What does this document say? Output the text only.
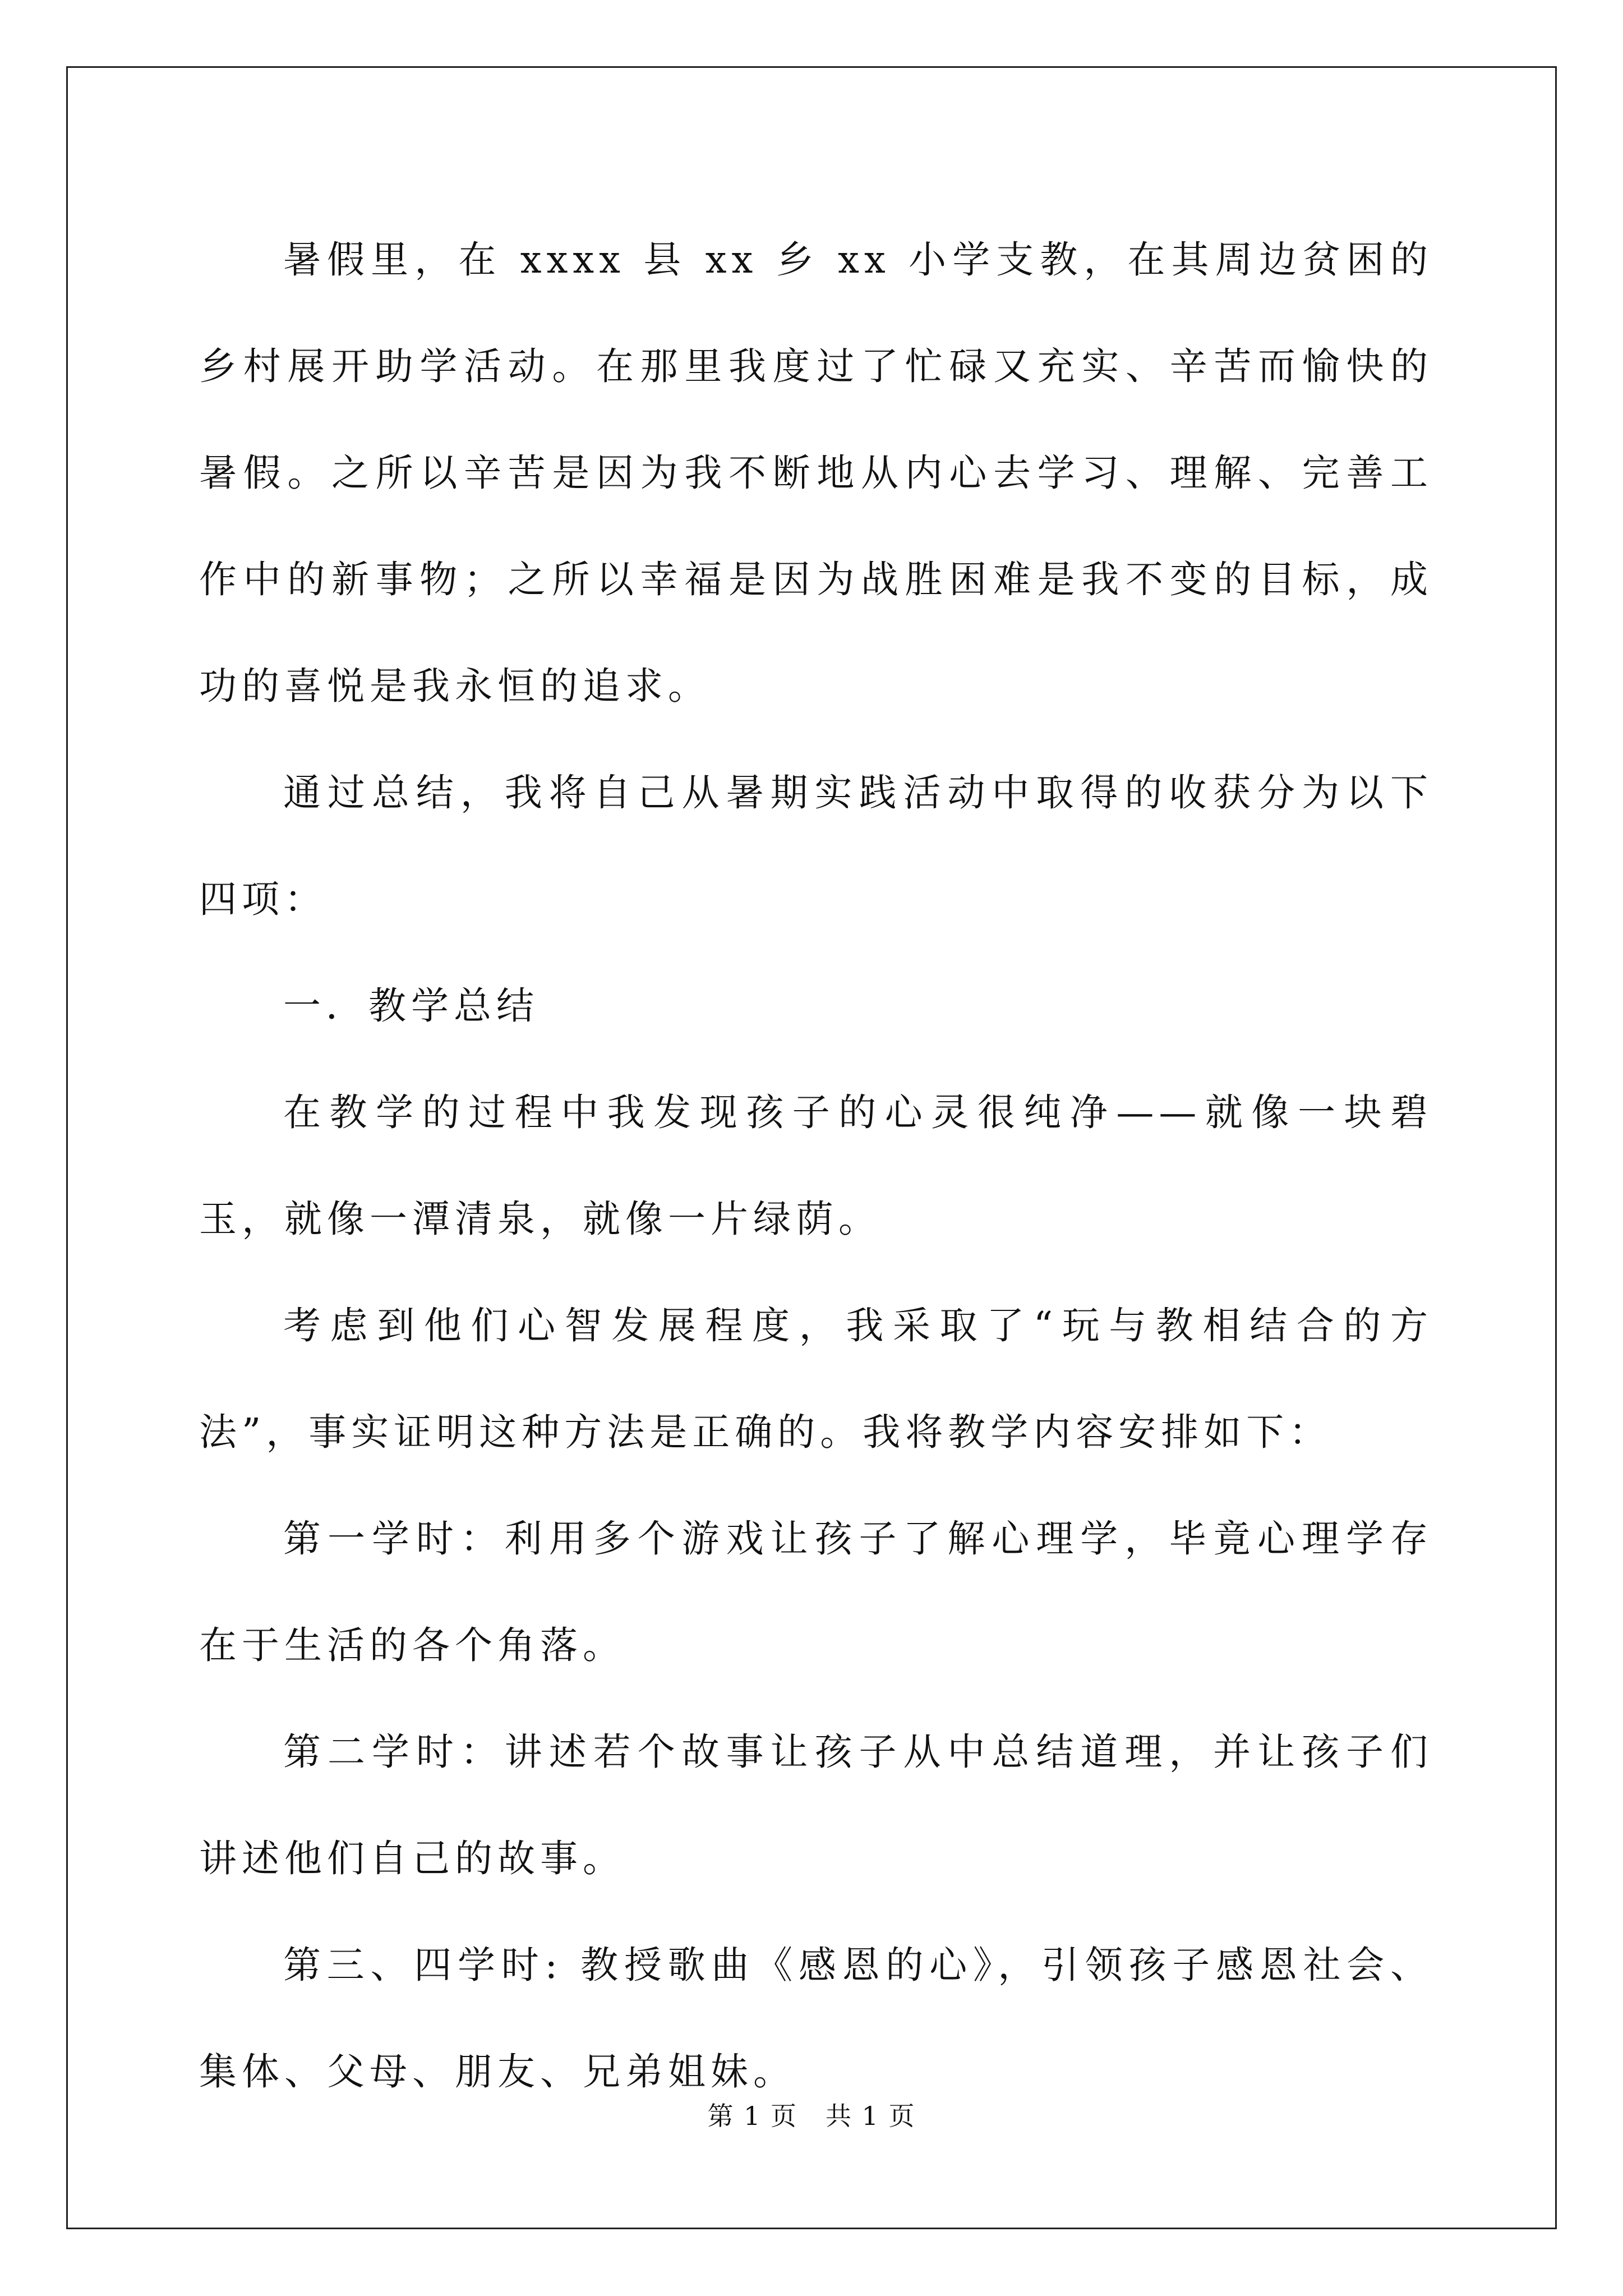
暑假里，在 xxxx 县 xx 乡 xx 小学支教，在其周边贫困的乡村展开助学活动。在那里我度过了忙碌又充实、辛苦而愉快的暑假。之所以辛苦是因为我不断地从内心去学习、理解、完善工作中的新事物；之所以幸福是因为战胜困难是我不变的目标，成功的喜悦是我永恒的追求。

通过总结，我将自己从暑期实践活动中取得的收获分为以下四项：

一．教学总结

在教学的过程中我发现孩子的心灵很纯净——就像一块碧玉，就像一潭清泉，就像一片绿荫。

考虑到他们心智发展程度，我采取了“玩与教相结合的方法”，事实证明这种方法是正确的。我将教学内容安排如下：

第一学时：利用多个游戏让孩子了解心理学，毕竟心理学存在于生活的各个角落。

第二学时：讲述若个故事让孩子从中总结道理，并让孩子们讲述他们自己的故事。

第三、四学时: 教授歌曲《感恩的心》，引领孩子感恩社会、集体、父母、朋友、兄弟姐妹。

第 1 页 共 1 页
